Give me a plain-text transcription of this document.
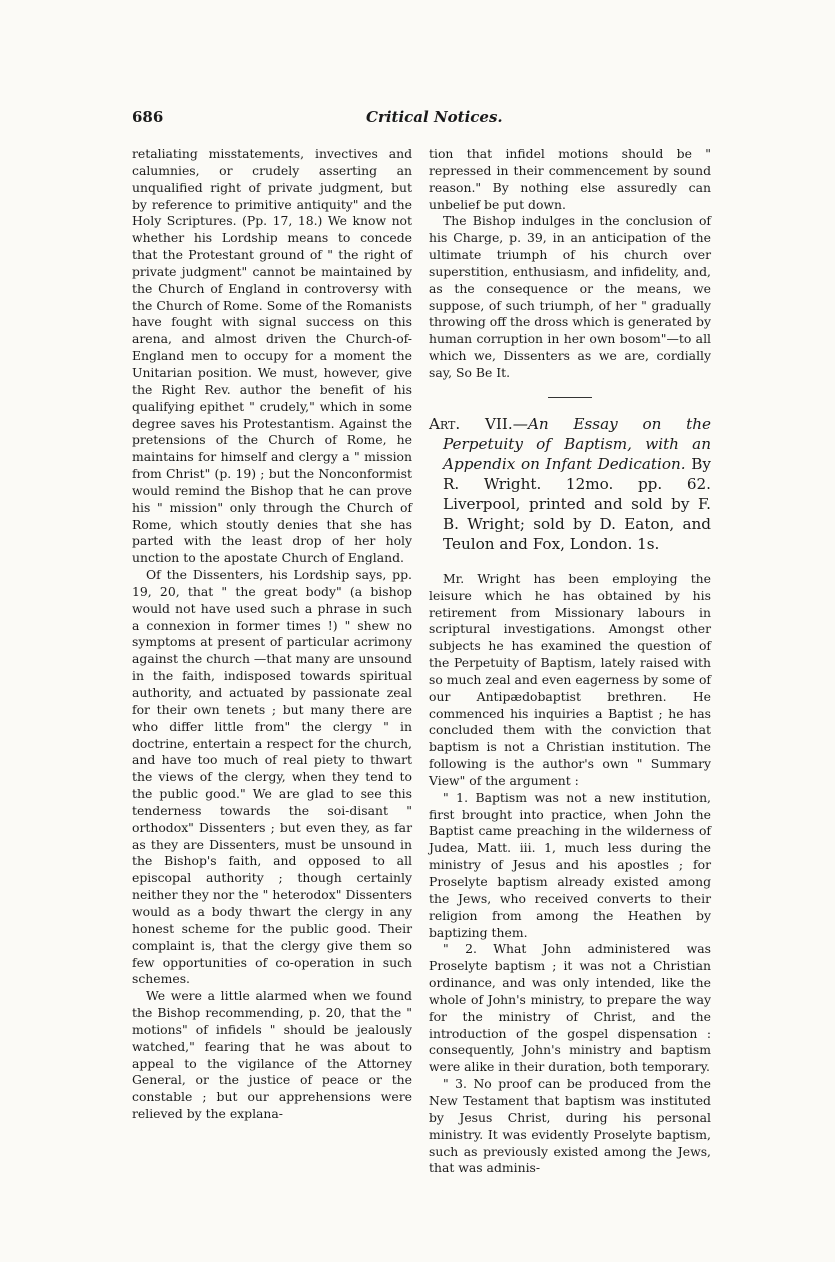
686	Critical Notices.

retaliating misstatements, invectives and calumnies, or crudely asserting an unqualified right of private judgment, but by reference to primitive antiquity" and the Holy Scriptures. (Pp. 17, 18.) We know not whether his Lordship means to concede that the Protestant ground of " the right of private judgment" cannot be maintained by the Church of England in controversy with the Church of Rome. Some of the Romanists have fought with signal success on this arena, and almost driven the Church-of-England men to occupy for a moment the Unitarian position. We must, however, give the Right Rev. author the benefit of his qualifying epithet " crudely," which in some degree saves his Protestantism. Against the pretensions of the Church of Rome, he maintains for himself and clergy a " mission from Christ" (p. 19) ; but the Nonconformist would remind the Bishop that he can prove his " mission" only through the Church of Rome, which stoutly denies that she has parted with the least drop of her holy unction to the apostate Church of England.

Of the Dissenters, his Lordship says, pp. 19, 20, that " the great body" (a bishop would not have used such a phrase in such a connexion in former times !) " shew no symptoms at present of particular acrimony against the church —that many are unsound in the faith, indisposed towards spiritual authority, and actuated by passionate zeal for their own tenets ; but many there are who differ little from" the clergy " in doctrine, entertain a respect for the church, and have too much of real piety to thwart the views of the clergy, when they tend to the public good." We are glad to see this tenderness towards the soi-disant " orthodox" Dissenters ; but even they, as far as they are Dissenters, must be unsound in the Bishop's faith, and opposed to all episcopal authority ; though certainly neither they nor the " heterodox" Dissenters would as a body thwart the clergy in any honest scheme for the public good. Their complaint is, that the clergy give them so few opportunities of co-operation in such schemes.

We were a little alarmed when we found the Bishop recommending, p. 20, that the " motions" of infidels " should be jealously watched," fearing that he was about to appeal to the vigilance of the Attorney General, or the justice of peace or the constable ; but our apprehensions were relieved by the explana-

tion that infidel motions should be " repressed in their commencement by sound reason." By nothing else assuredly can unbelief be put down.

The Bishop indulges in the conclusion of his Charge, p. 39, in an anticipation of the ultimate triumph of his church over superstition, enthusiasm, and infidelity, and, as the consequence or the means, we suppose, of such triumph, of her " gradually throwing off the dross which is generated by human corruption in her own bosom"—to all which we, Dissenters as we are, cordially say, So Be It.

Art. VII.—An Essay on the Perpetuity of Baptism, with an Appendix on Infant Dedication. By R. Wright. 12mo. pp. 62. Liverpool, printed and sold by F. B. Wright; sold by D. Eaton, and Teulon and Fox, London. 1s.

Mr. Wright has been employing the leisure which he has obtained by his retirement from Missionary labours in scriptural investigations. Amongst other subjects he has examined the question of the Perpetuity of Baptism, lately raised with so much zeal and even eagerness by some of our Antipædobaptist brethren. He commenced his inquiries a Baptist ; he has concluded them with the conviction that baptism is not a Christian institution. The following is the author's own " Summary View" of the argument :

" 1. Baptism was not a new institution, first brought into practice, when John the Baptist came preaching in the wilderness of Judea, Matt. iii. 1, much less during the ministry of Jesus and his apostles ; for Proselyte baptism already existed among the Jews, who received converts to their religion from among the Heathen by baptizing them.

" 2. What John administered was Proselyte baptism ; it was not a Christian ordinance, and was only intended, like the whole of John's ministry, to prepare the way for the ministry of Christ, and the introduction of the gospel dispensation : consequently, John's ministry and baptism were alike in their duration, both temporary.

" 3. No proof can be produced from the New Testament that baptism was instituted by Jesus Christ, during his personal ministry. It was evidently Proselyte baptism, such as previously existed among the Jews, that was adminis-
